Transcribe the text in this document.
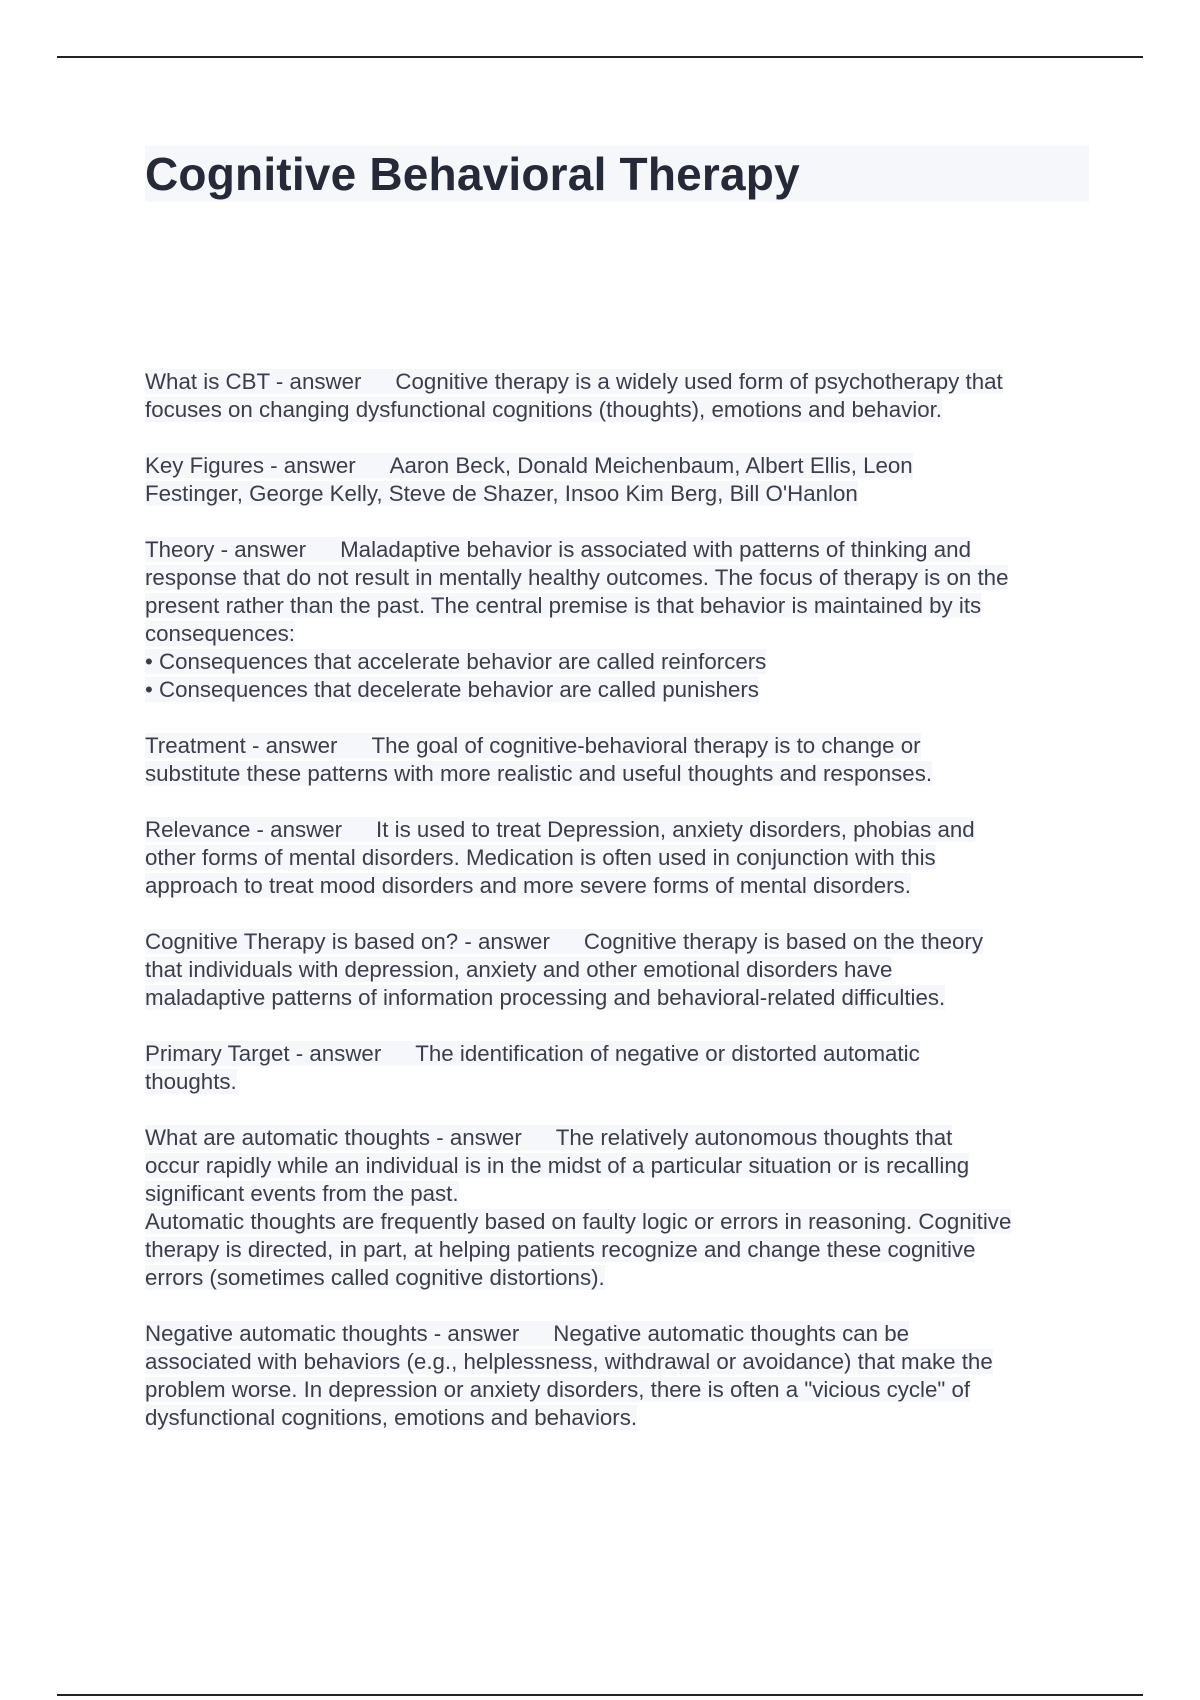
Cognitive Behavioral Therapy
What is CBT - answer Cognitive therapy is a widely used form of psychotherapy that
focuses on changing dysfunctional cognitions (thoughts), emotions and behavior.
Key Figures - answer Aaron Beck, Donald Meichenbaum, Albert Ellis, Leon
Festinger, George Kelly, Steve de Shazer, Insoo Kim Berg, Bill O'Hanlon
Theory - answer Maladaptive behavior is associated with patterns of thinking and
response that do not result in mentally healthy outcomes. The focus of therapy is on the
present rather than the past. The central premise is that behavior is maintained by its
consequences:
• Consequences that accelerate behavior are called reinforcers
• Consequences that decelerate behavior are called punishers
Treatment - answer The goal of cognitive-behavioral therapy is to change or
substitute these patterns with more realistic and useful thoughts and responses.
Relevance - answer It is used to treat Depression, anxiety disorders, phobias and
other forms of mental disorders. Medication is often used in conjunction with this
approach to treat mood disorders and more severe forms of mental disorders.
Cognitive Therapy is based on? - answer Cognitive therapy is based on the theory
that individuals with depression, anxiety and other emotional disorders have
maladaptive patterns of information processing and behavioral-related difficulties.
Primary Target - answer The identification of negative or distorted automatic
thoughts.
What are automatic thoughts - answer The relatively autonomous thoughts that
occur rapidly while an individual is in the midst of a particular situation or is recalling
significant events from the past.
Automatic thoughts are frequently based on faulty logic or errors in reasoning. Cognitive
therapy is directed, in part, at helping patients recognize and change these cognitive
errors (sometimes called cognitive distortions).
Negative automatic thoughts - answer Negative automatic thoughts can be
associated with behaviors (e.g., helplessness, withdrawal or avoidance) that make the
problem worse. In depression or anxiety disorders, there is often a "vicious cycle" of
dysfunctional cognitions, emotions and behaviors.
